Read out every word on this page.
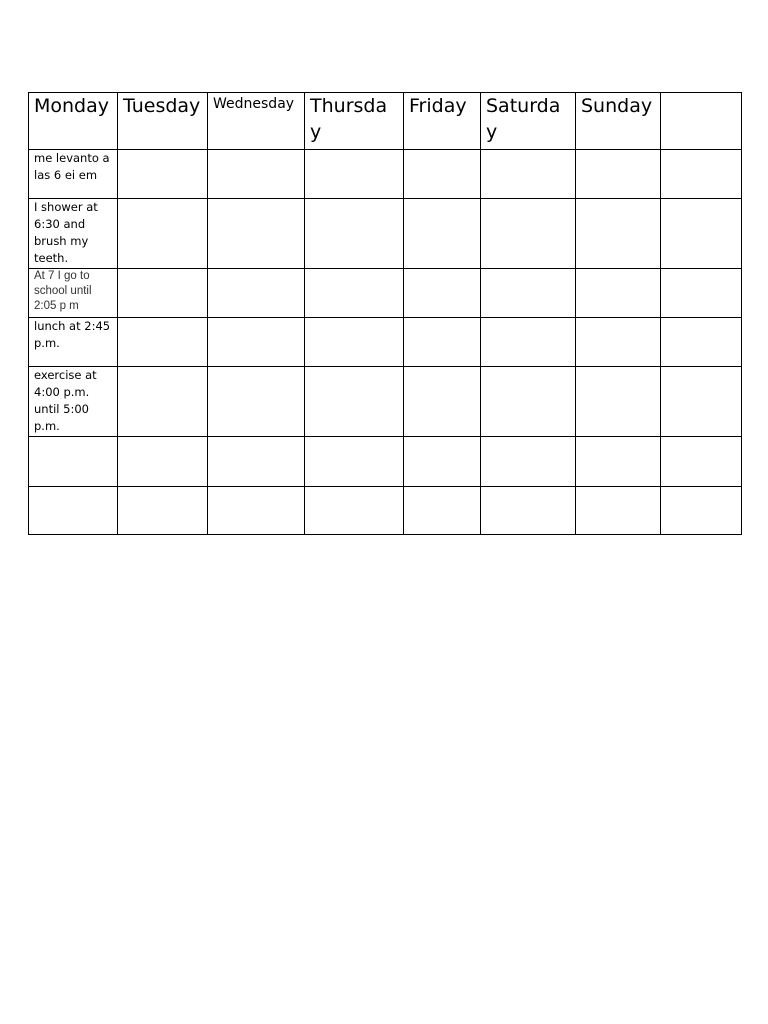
Monday	Tuesday	Wednesday	Thursday	Friday	Saturday	Sunday	
me levanto a las 6 ei em							
I shower at 6:30 and brush my teeth.							
At 7 I go to school until 2:05 p m							
lunch at 2:45 p.m.							
exercise at 4:00 p.m. until 5:00 p.m.							
